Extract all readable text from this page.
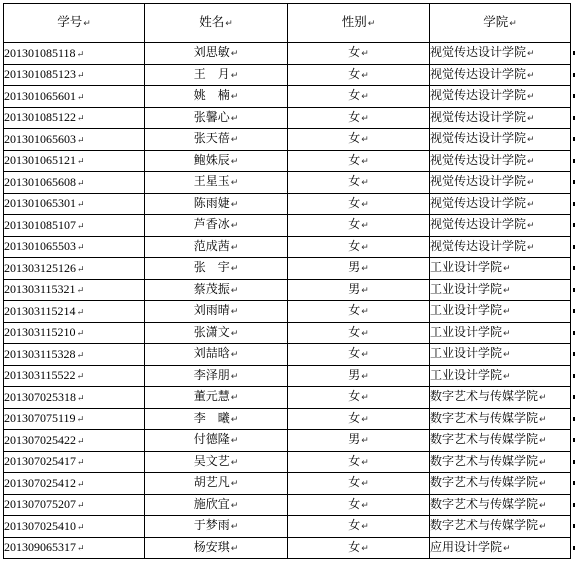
学号↵	姓名↵	性别↵	学院↵
201301085118↵	刘思敏↵	女↵	视觉传达设计学院↵
201301085123↵	王　月↵	女↵	视觉传达设计学院↵
201301065601↵	姚　楠↵	女↵	视觉传达设计学院↵
201301085122↵	张馨心↵	女↵	视觉传达设计学院↵
201301065603↵	张天蓓↵	女↵	视觉传达设计学院↵
201301065121↵	鲍姝辰↵	女↵	视觉传达设计学院↵
201301065608↵	王星玉↵	女↵	视觉传达设计学院↵
201301065301↵	陈雨婕↵	女↵	视觉传达设计学院↵
201301085107↵	芦香冰↵	女↵	视觉传达设计学院↵
201301065503↵	范成茜↵	女↵	视觉传达设计学院↵
201303125126↵	张　宇↵	男↵	工业设计学院↵
201303115321↵	蔡茂振↵	男↵	工业设计学院↵
201303115214↵	刘雨晴↵	女↵	工业设计学院↵
201303115210↵	张潇文↵	女↵	工业设计学院↵
201303115328↵	刘喆晗↵	女↵	工业设计学院↵
201303115522↵	李泽朋↵	男↵	工业设计学院↵
201307025318↵	董元慧↵	女↵	数字艺术与传媒学院↵
201307075119↵	李　曦↵	女↵	数字艺术与传媒学院↵
201307025422↵	付德隆↵	男↵	数字艺术与传媒学院↵
201307025417↵	吴文艺↵	女↵	数字艺术与传媒学院↵
201307025412↵	胡艺凡↵	女↵	数字艺术与传媒学院↵
201307075207↵	施欣宜↵	女↵	数字艺术与传媒学院↵
201307025410↵	于梦雨↵	女↵	数字艺术与传媒学院↵
201309065317↵	杨安琪↵	女↵	应用设计学院↵
